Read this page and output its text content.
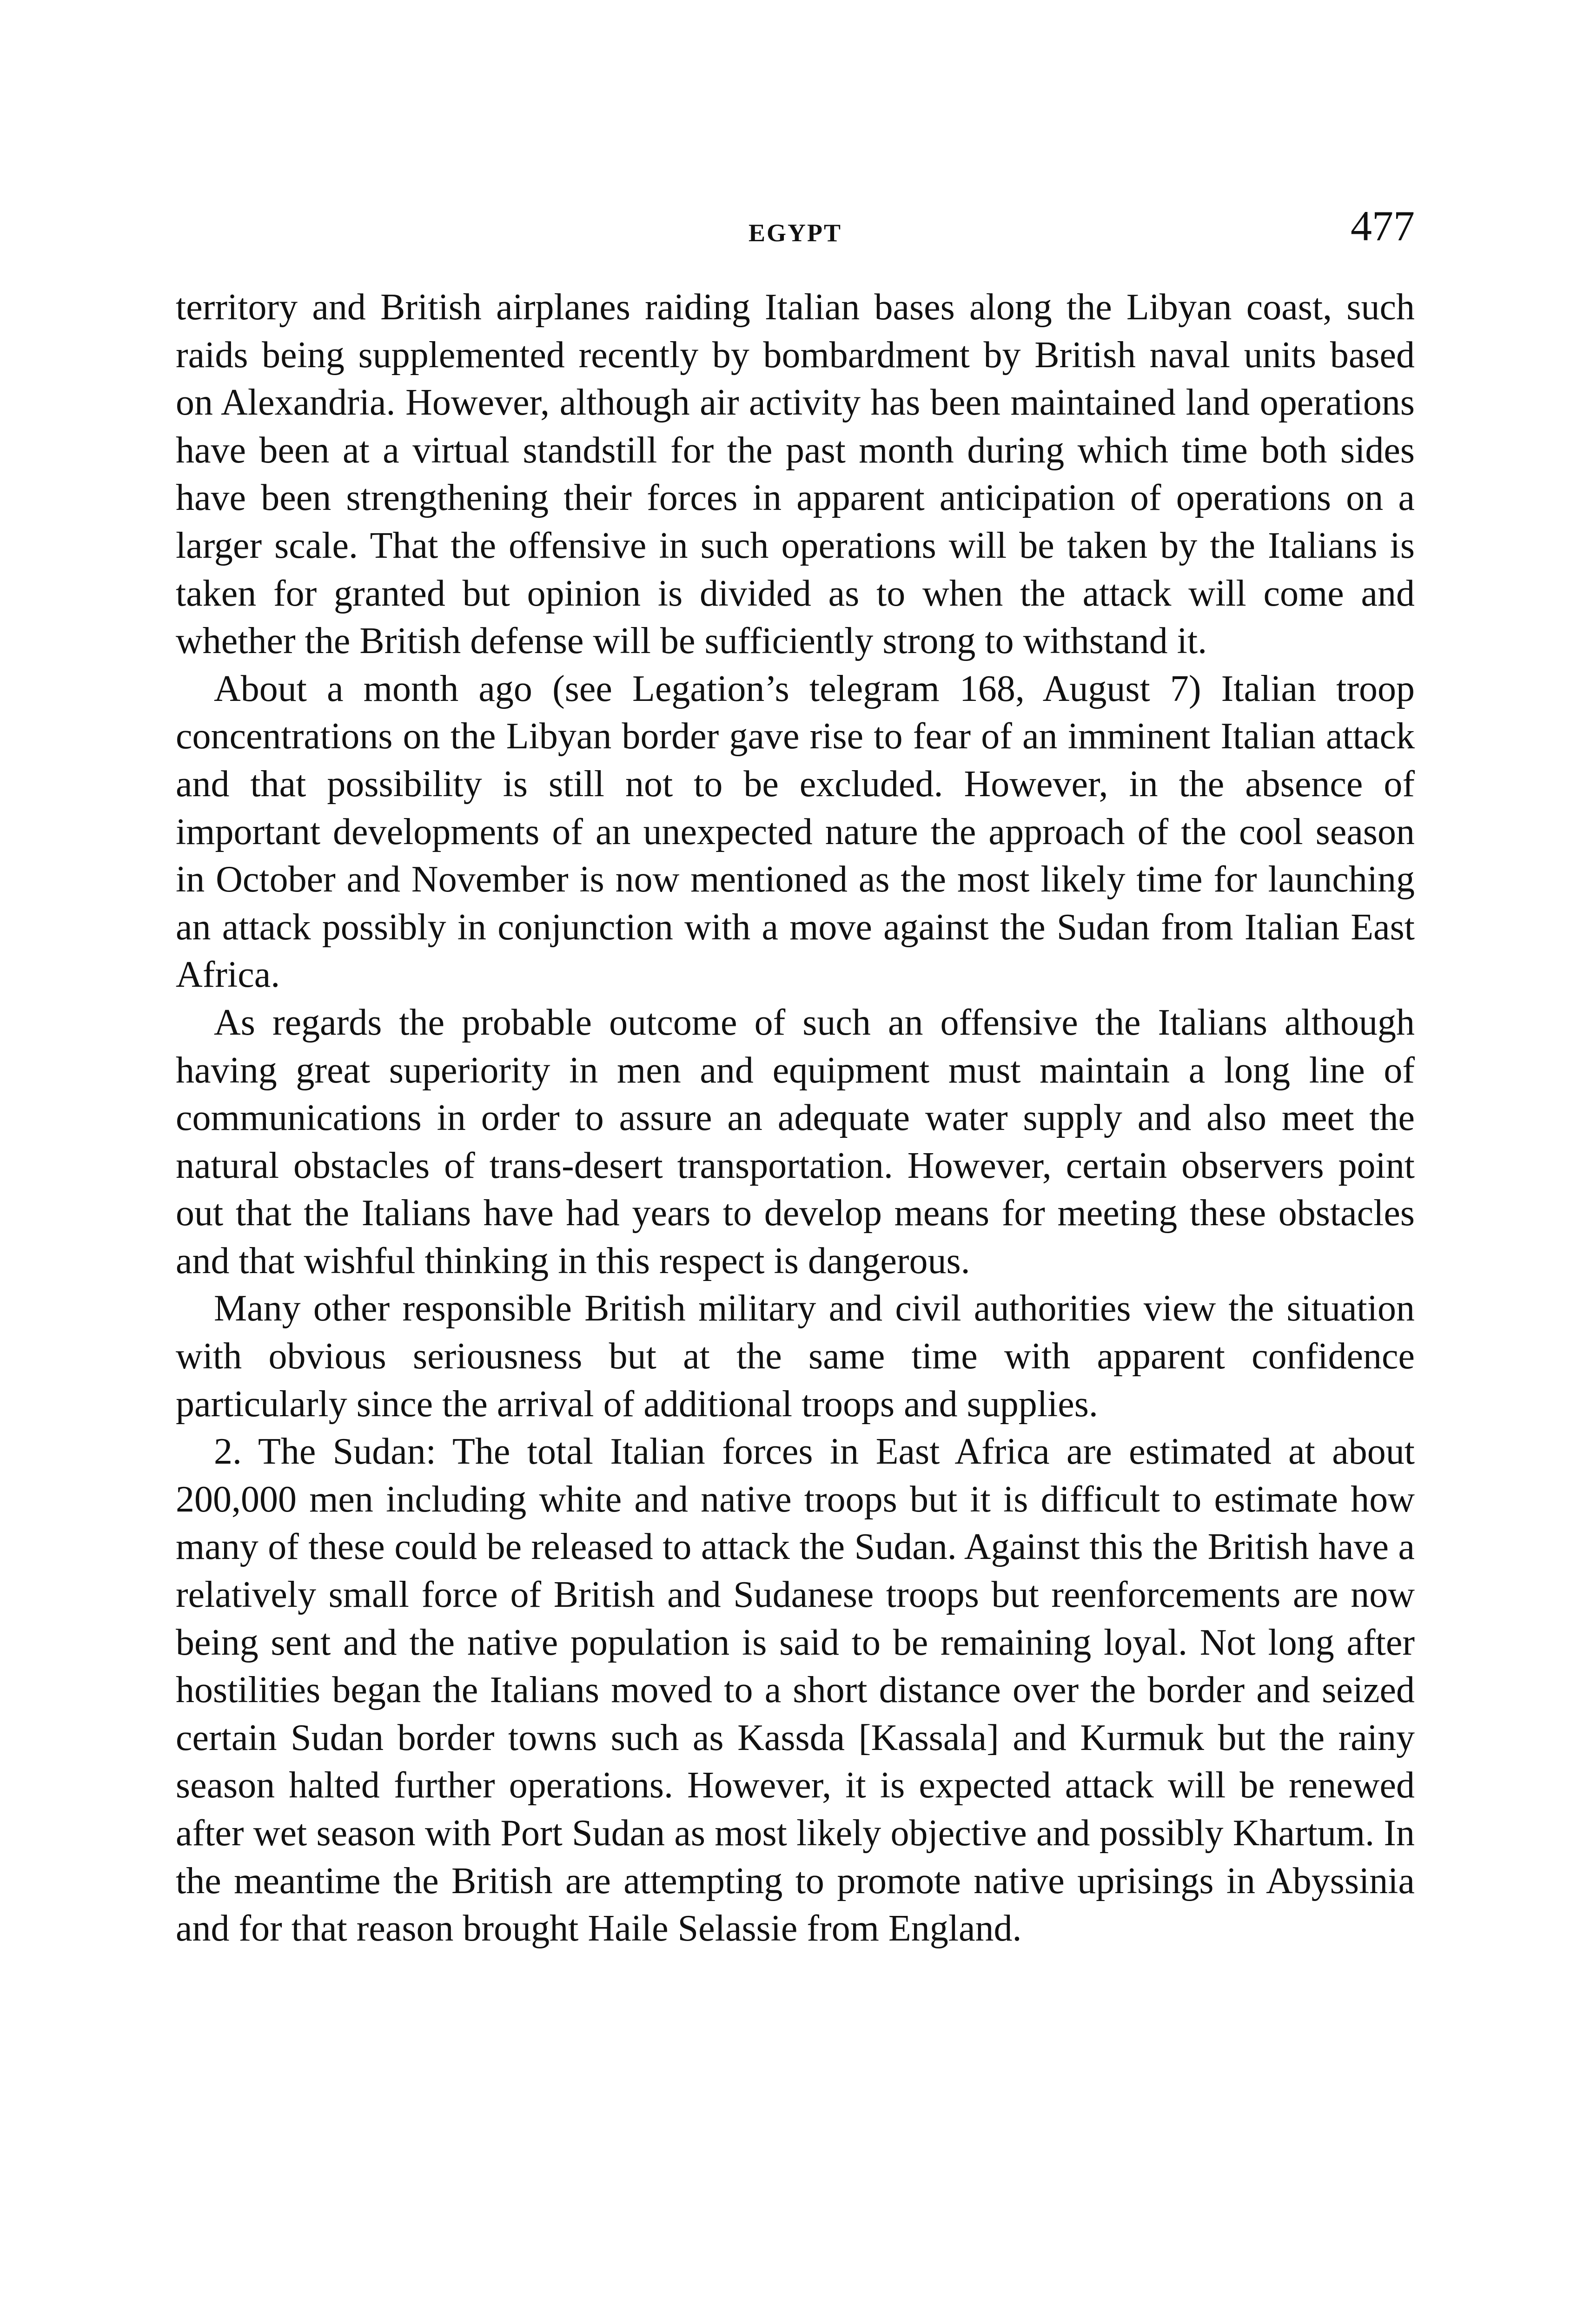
EGYPT	477

territory and British airplanes raiding Italian bases along the Libyan coast, such raids being supplemented recently by bombardment by British naval units based on Alexandria. However, although air activity has been maintained land operations have been at a virtual standstill for the past month during which time both sides have been strengthening their forces in apparent anticipation of operations on a larger scale. That the offensive in such operations will be taken by the Italians is taken for granted but opinion is divided as to when the attack will come and whether the British defense will be sufficiently strong to withstand it.

About a month ago (see Legation’s telegram 168, August 7) Italian troop concentrations on the Libyan border gave rise to fear of an imminent Italian attack and that possibility is still not to be excluded. However, in the absence of important developments of an unexpected nature the approach of the cool season in October and November is now mentioned as the most likely time for launching an attack possibly in conjunction with a move against the Sudan from Italian East Africa.

As regards the probable outcome of such an offensive the Italians although having great superiority in men and equipment must maintain a long line of communications in order to assure an adequate water supply and also meet the natural obstacles of trans-desert transportation. However, certain observers point out that the Italians have had years to develop means for meeting these obstacles and that wishful thinking in this respect is dangerous.

Many other responsible British military and civil authorities view the situation with obvious seriousness but at the same time with apparent confidence particularly since the arrival of additional troops and supplies.

2. The Sudan: The total Italian forces in East Africa are estimated at about 200,000 men including white and native troops but it is difficult to estimate how many of these could be released to attack the Sudan. Against this the British have a relatively small force of British and Sudanese troops but reenforcements are now being sent and the native population is said to be remaining loyal. Not long after hostilities began the Italians moved to a short distance over the border and seized certain Sudan border towns such as Kassda [Kassala] and Kurmuk but the rainy season halted further operations. However, it is expected attack will be renewed after wet season with Port Sudan as most likely objective and possibly Khartum. In the meantime the British are attempting to promote native uprisings in Abyssinia and for that reason brought Haile Selassie from England.
